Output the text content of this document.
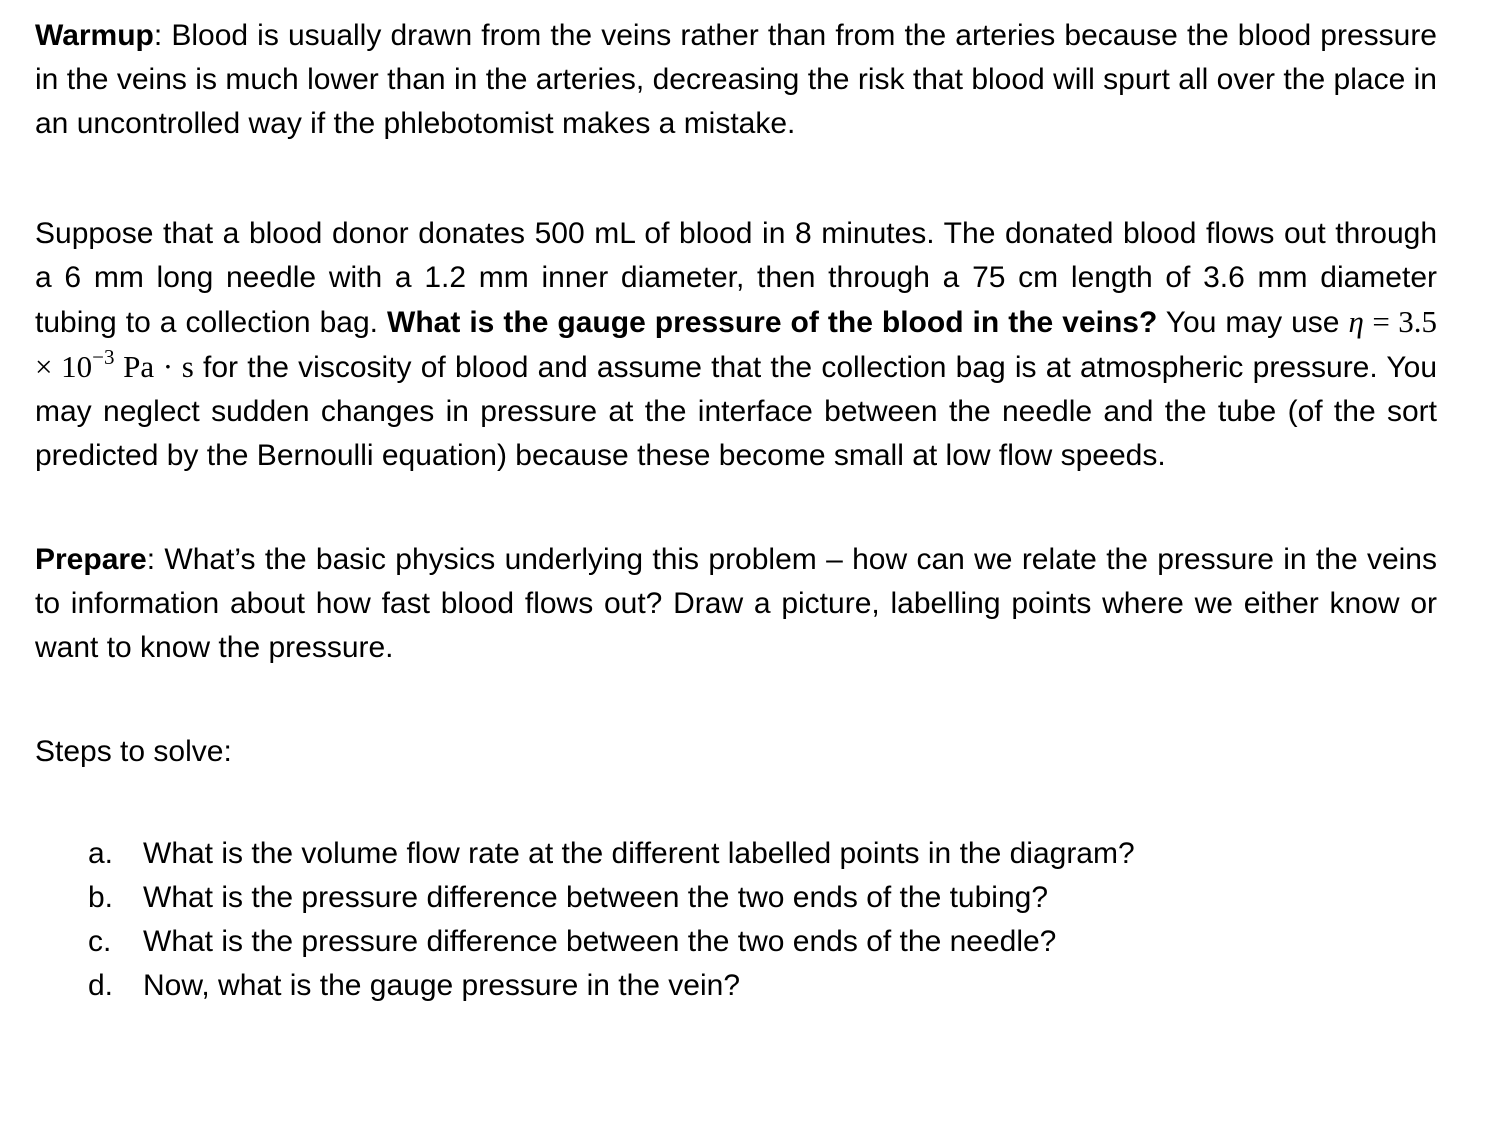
Warmup: Blood is usually drawn from the veins rather than from the arteries because the blood pressure in the veins is much lower than in the arteries, decreasing the risk that blood will spurt all over the place in an uncontrolled way if the phlebotomist makes a mistake.

Suppose that a blood donor donates 500 mL of blood in 8 minutes. The donated blood flows out through a 6 mm long needle with a 1.2 mm inner diameter, then through a 75 cm length of 3.6 mm diameter tubing to a collection bag. What is the gauge pressure of the blood in the veins? You may use $\eta = 3.5 \times 10^{-3}$ Pa · s for the viscosity of blood and assume that the collection bag is at atmospheric pressure. You may neglect sudden changes in pressure at the interface between the needle and the tube (of the sort predicted by the Bernoulli equation) because these become small at low flow speeds.

Prepare: What’s the basic physics underlying this problem – how can we relate the pressure in the veins to information about how fast blood flows out? Draw a picture, labelling points where we either know or want to know the pressure.

Steps to solve:

a. What is the volume flow rate at the different labelled points in the diagram?
b. What is the pressure difference between the two ends of the tubing?
c.	What is the pressure difference between the two ends of the needle?
d. Now, what is the gauge pressure in the vein?
